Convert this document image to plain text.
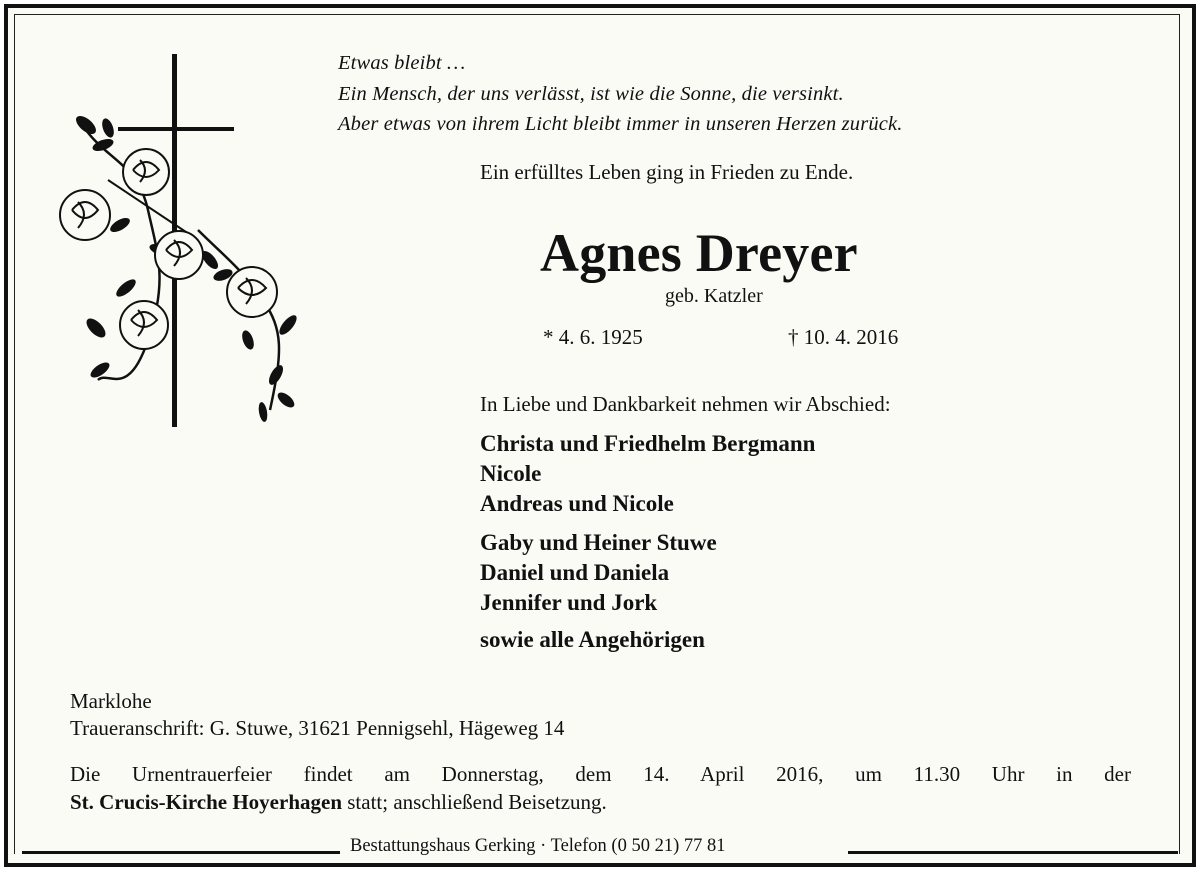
Etwas bleibt …
Ein Mensch, der uns verlässt, ist wie die Sonne, die versinkt.
Aber etwas von ihrem Licht bleibt immer in unseren Herzen zurück.
Ein erfülltes Leben ging in Frieden zu Ende.
Agnes Dreyer
geb. Katzler
* 4. 6. 1925	† 10. 4. 2016
In Liebe und Dankbarkeit nehmen wir Abschied:
Christa und Friedhelm Bergmann
Nicole
Andreas und Nicole
Gaby und Heiner Stuwe
Daniel und Daniela
Jennifer und Jork
sowie alle Angehörigen
Marklohe
Traueranschrift: G. Stuwe, 31621 Pennigsehl, Hägeweg 14
Die Urnentrauerfeier findet am Donnerstag, dem 14. April 2016, um 11.30 Uhr in der
St. Crucis-Kirche Hoyerhagen statt; anschließend Beisetzung.
Bestattungshaus Gerking · Telefon (0 50 21) 77 81
